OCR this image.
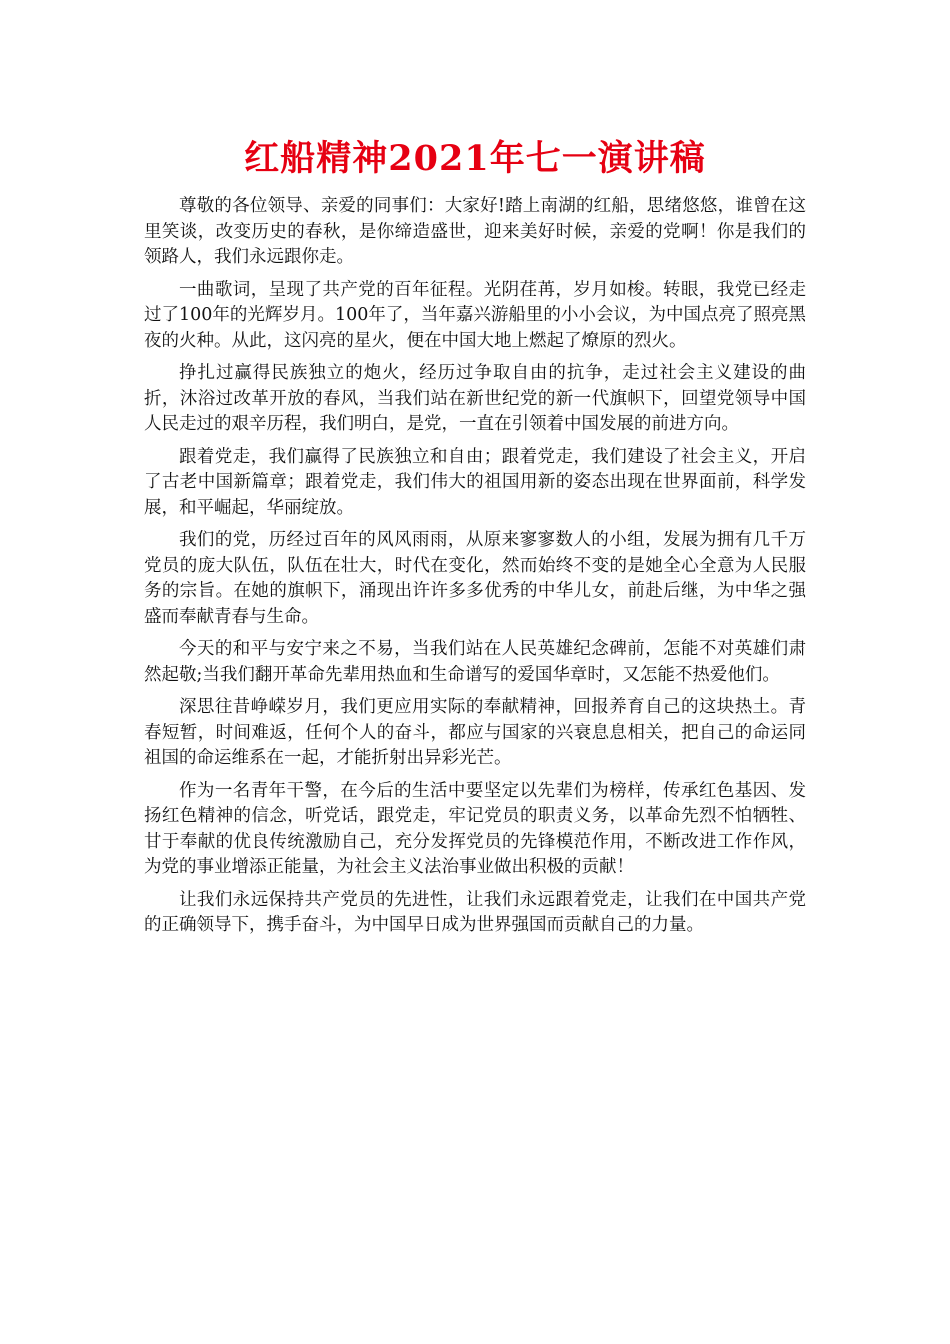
红船精神2021年七一演讲稿

尊敬的各位领导、亲爱的同事们：大家好!踏上南湖的红船，思绪悠悠，谁曾在这里笑谈，改变历史的春秋，是你缔造盛世，迎来美好时候，亲爱的党啊！你是我们的领路人，我们永远跟你走。

一曲歌词，呈现了共产党的百年征程。光阴荏苒，岁月如梭。转眼，我党已经走过了100年的光辉岁月。100年了，当年嘉兴游船里的小小会议，为中国点亮了照亮黑夜的火种。从此，这闪亮的星火，便在中国大地上燃起了燎原的烈火。

挣扎过赢得民族独立的炮火，经历过争取自由的抗争，走过社会主义建设的曲折，沐浴过改革开放的春风，当我们站在新世纪党的新一代旗帜下，回望党领导中国人民走过的艰辛历程，我们明白，是党，一直在引领着中国发展的前进方向。

跟着党走，我们赢得了民族独立和自由；跟着党走，我们建设了社会主义，开启了古老中国新篇章；跟着党走，我们伟大的祖国用新的姿态出现在世界面前，科学发展，和平崛起，华丽绽放。

我们的党，历经过百年的风风雨雨，从原来寥寥数人的小组，发展为拥有几千万党员的庞大队伍，队伍在壮大，时代在变化，然而始终不变的是她全心全意为人民服务的宗旨。在她的旗帜下，涌现出许许多多优秀的中华儿女，前赴后继，为中华之强盛而奉献青春与生命。

今天的和平与安宁来之不易，当我们站在人民英雄纪念碑前，怎能不对英雄们肃然起敬;当我们翻开革命先辈用热血和生命谱写的爱国华章时，又怎能不热爱他们。

深思往昔峥嵘岁月，我们更应用实际的奉献精神，回报养育自己的这块热土。青春短暂，时间难返，任何个人的奋斗，都应与国家的兴衰息息相关，把自己的命运同祖国的命运维系在一起，才能折射出异彩光芒。

作为一名青年干警，在今后的生活中要坚定以先辈们为榜样，传承红色基因、发扬红色精神的信念，听党话，跟党走，牢记党员的职责义务，以革命先烈不怕牺牲、甘于奉献的优良传统激励自己，充分发挥党员的先锋模范作用，不断改进工作作风，为党的事业增添正能量，为社会主义法治事业做出积极的贡献！

让我们永远保持共产党员的先进性，让我们永远跟着党走，让我们在中国共产党的正确领导下，携手奋斗，为中国早日成为世界强国而贡献自己的力量。
